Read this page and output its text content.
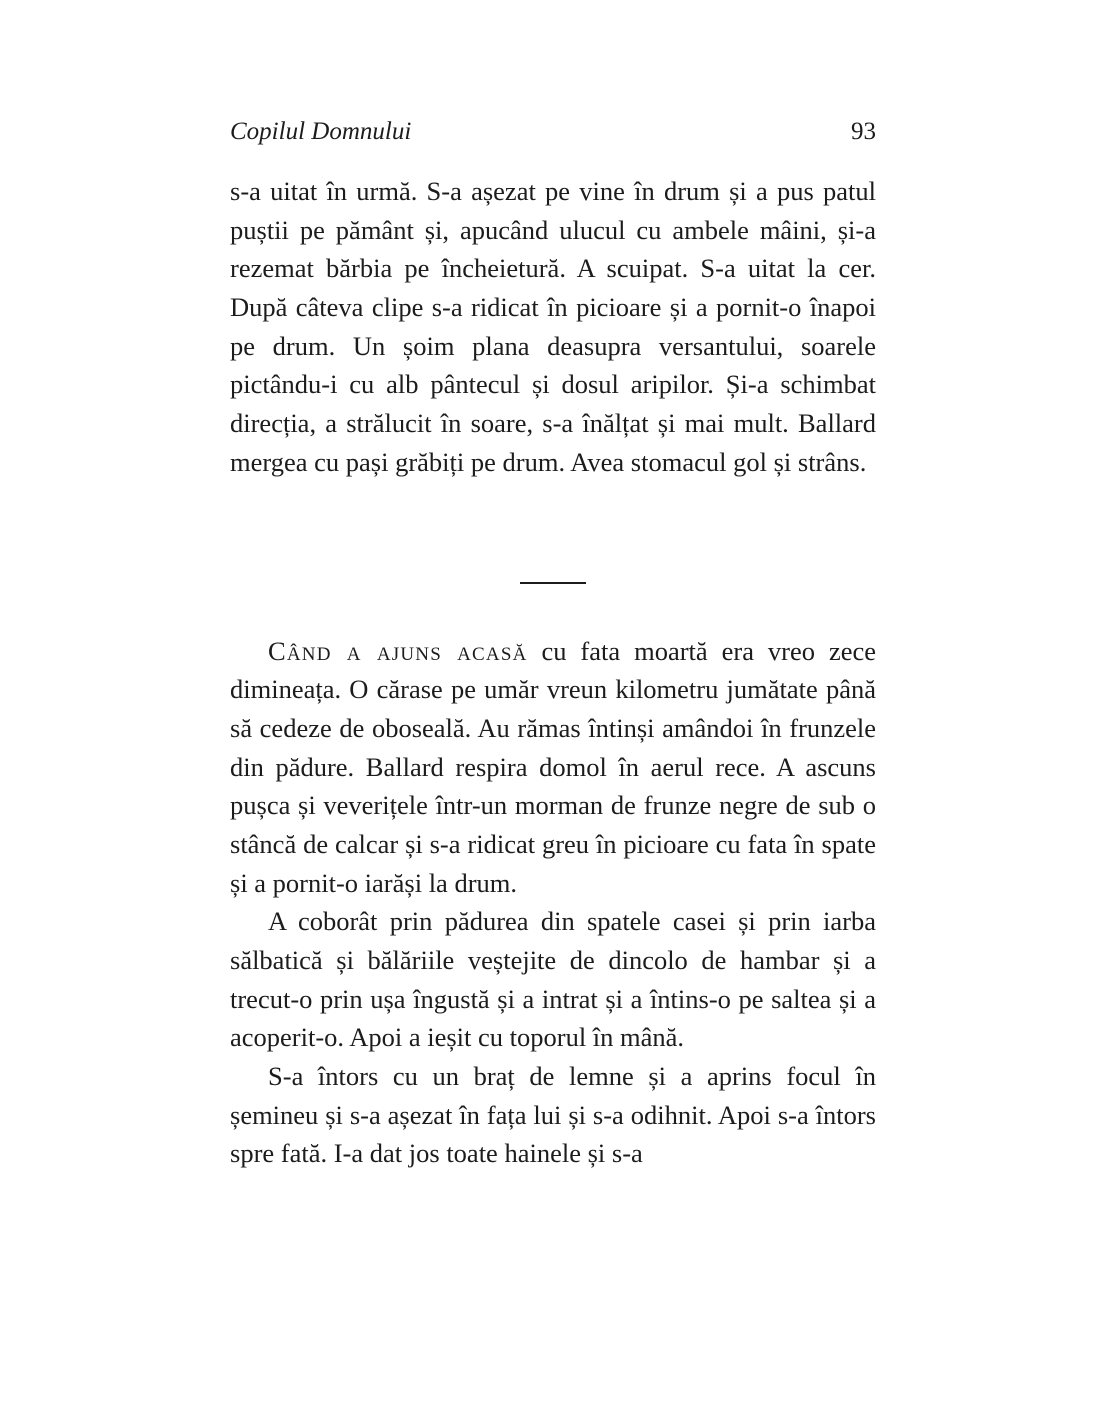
Copilul Domnului	93

s-a uitat în urmă. S-a așezat pe vine în drum și a pus patul puștii pe pământ și, apucând ulucul cu ambele mâini, și-a rezemat bărbia pe încheietură. A scuipat. S-a uitat la cer. După câteva clipe s-a ridicat în picioare și a pornit-o înapoi pe drum. Un șoim plana deasupra versantului, soarele pictându-i cu alb pântecul și dosul aripilor. Și-a schimbat direcția, a strălucit în soare, s-a înălțat și mai mult. Ballard mergea cu pași grăbiți pe drum. Avea stomacul gol și strâns.

Când a ajuns acasă cu fata moartă era vreo zece dimineața. O cărase pe umăr vreun kilometru jumătate până să cedeze de oboseală. Au rămas întinși amândoi în frunzele din pădure. Ballard respira domol în aerul rece. A ascuns pușca și veverițele într-un morman de frunze negre de sub o stâncă de calcar și s-a ridicat greu în picioare cu fata în spate și a pornit-o iarăși la drum.

A coborât prin pădurea din spatele casei și prin iarba sălbatică și bălăriile veștejite de dincolo de hambar și a trecut-o prin ușa îngustă și a intrat și a întins-o pe saltea și a acoperit-o. Apoi a ieșit cu toporul în mână.

S-a întors cu un braț de lemne și a aprins focul în șemineu și s-a așezat în fața lui și s-a odihnit. Apoi s-a întors spre fată. I-a dat jos toate hainele și s-a
